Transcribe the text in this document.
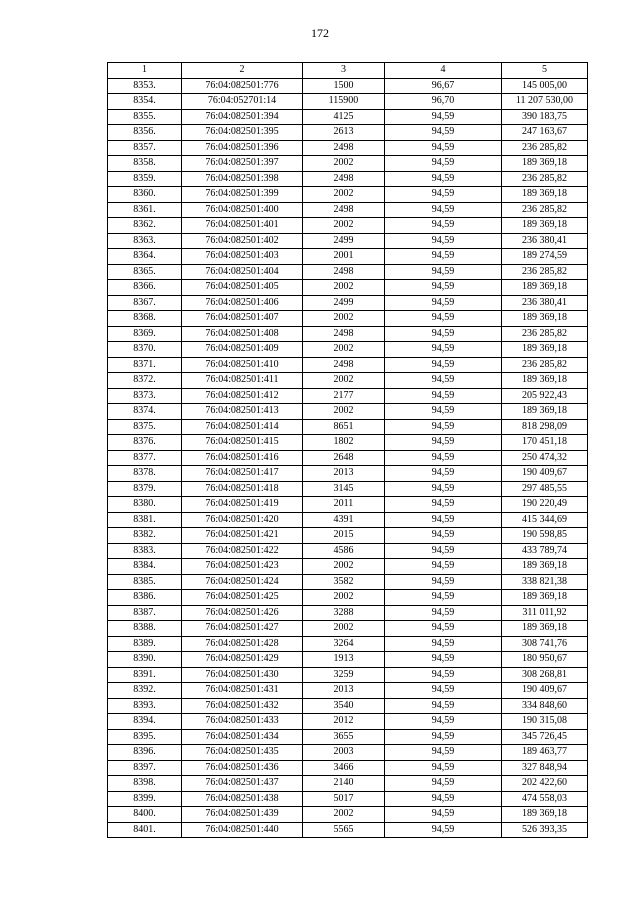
172
1	2	3	4	5
8353.	76:04:082501:776	1500	96,67	145 005,00
8354.	76:04:052701:14	115900	96,70	11 207 530,00
8355.	76:04:082501:394	4125	94,59	390 183,75
8356.	76:04:082501:395	2613	94,59	247 163,67
8357.	76:04:082501:396	2498	94,59	236 285,82
8358.	76:04:082501:397	2002	94,59	189 369,18
8359.	76:04:082501:398	2498	94,59	236 285,82
8360.	76:04:082501:399	2002	94,59	189 369,18
8361.	76:04:082501:400	2498	94,59	236 285,82
8362.	76:04:082501:401	2002	94,59	189 369,18
8363.	76:04:082501:402	2499	94,59	236 380,41
8364.	76:04:082501:403	2001	94,59	189 274,59
8365.	76:04:082501:404	2498	94,59	236 285,82
8366.	76:04:082501:405	2002	94,59	189 369,18
8367.	76:04:082501:406	2499	94,59	236 380,41
8368.	76:04:082501:407	2002	94,59	189 369,18
8369.	76:04:082501:408	2498	94,59	236 285,82
8370.	76:04:082501:409	2002	94,59	189 369,18
8371.	76:04:082501:410	2498	94,59	236 285,82
8372.	76:04:082501:411	2002	94,59	189 369,18
8373.	76:04:082501:412	2177	94,59	205 922,43
8374.	76:04:082501:413	2002	94,59	189 369,18
8375.	76:04:082501:414	8651	94,59	818 298,09
8376.	76:04:082501:415	1802	94,59	170 451,18
8377.	76:04:082501:416	2648	94,59	250 474,32
8378.	76:04:082501:417	2013	94,59	190 409,67
8379.	76:04:082501:418	3145	94,59	297 485,55
8380.	76:04:082501:419	2011	94,59	190 220,49
8381.	76:04:082501:420	4391	94,59	415 344,69
8382.	76:04:082501:421	2015	94,59	190 598,85
8383.	76:04:082501:422	4586	94,59	433 789,74
8384.	76:04:082501:423	2002	94,59	189 369,18
8385.	76:04:082501:424	3582	94,59	338 821,38
8386.	76:04:082501:425	2002	94,59	189 369,18
8387.	76:04:082501:426	3288	94,59	311 011,92
8388.	76:04:082501:427	2002	94,59	189 369,18
8389.	76:04:082501:428	3264	94,59	308 741,76
8390.	76:04:082501:429	1913	94,59	180 950,67
8391.	76:04:082501:430	3259	94,59	308 268,81
8392.	76:04:082501:431	2013	94,59	190 409,67
8393.	76:04:082501:432	3540	94,59	334 848,60
8394.	76:04:082501:433	2012	94,59	190 315,08
8395.	76:04:082501:434	3655	94,59	345 726,45
8396.	76:04:082501:435	2003	94,59	189 463,77
8397.	76:04:082501:436	3466	94,59	327 848,94
8398.	76:04:082501:437	2140	94,59	202 422,60
8399.	76:04:082501:438	5017	94,59	474 558,03
8400.	76:04:082501:439	2002	94,59	189 369,18
8401.	76:04:082501:440	5565	94,59	526 393,35
